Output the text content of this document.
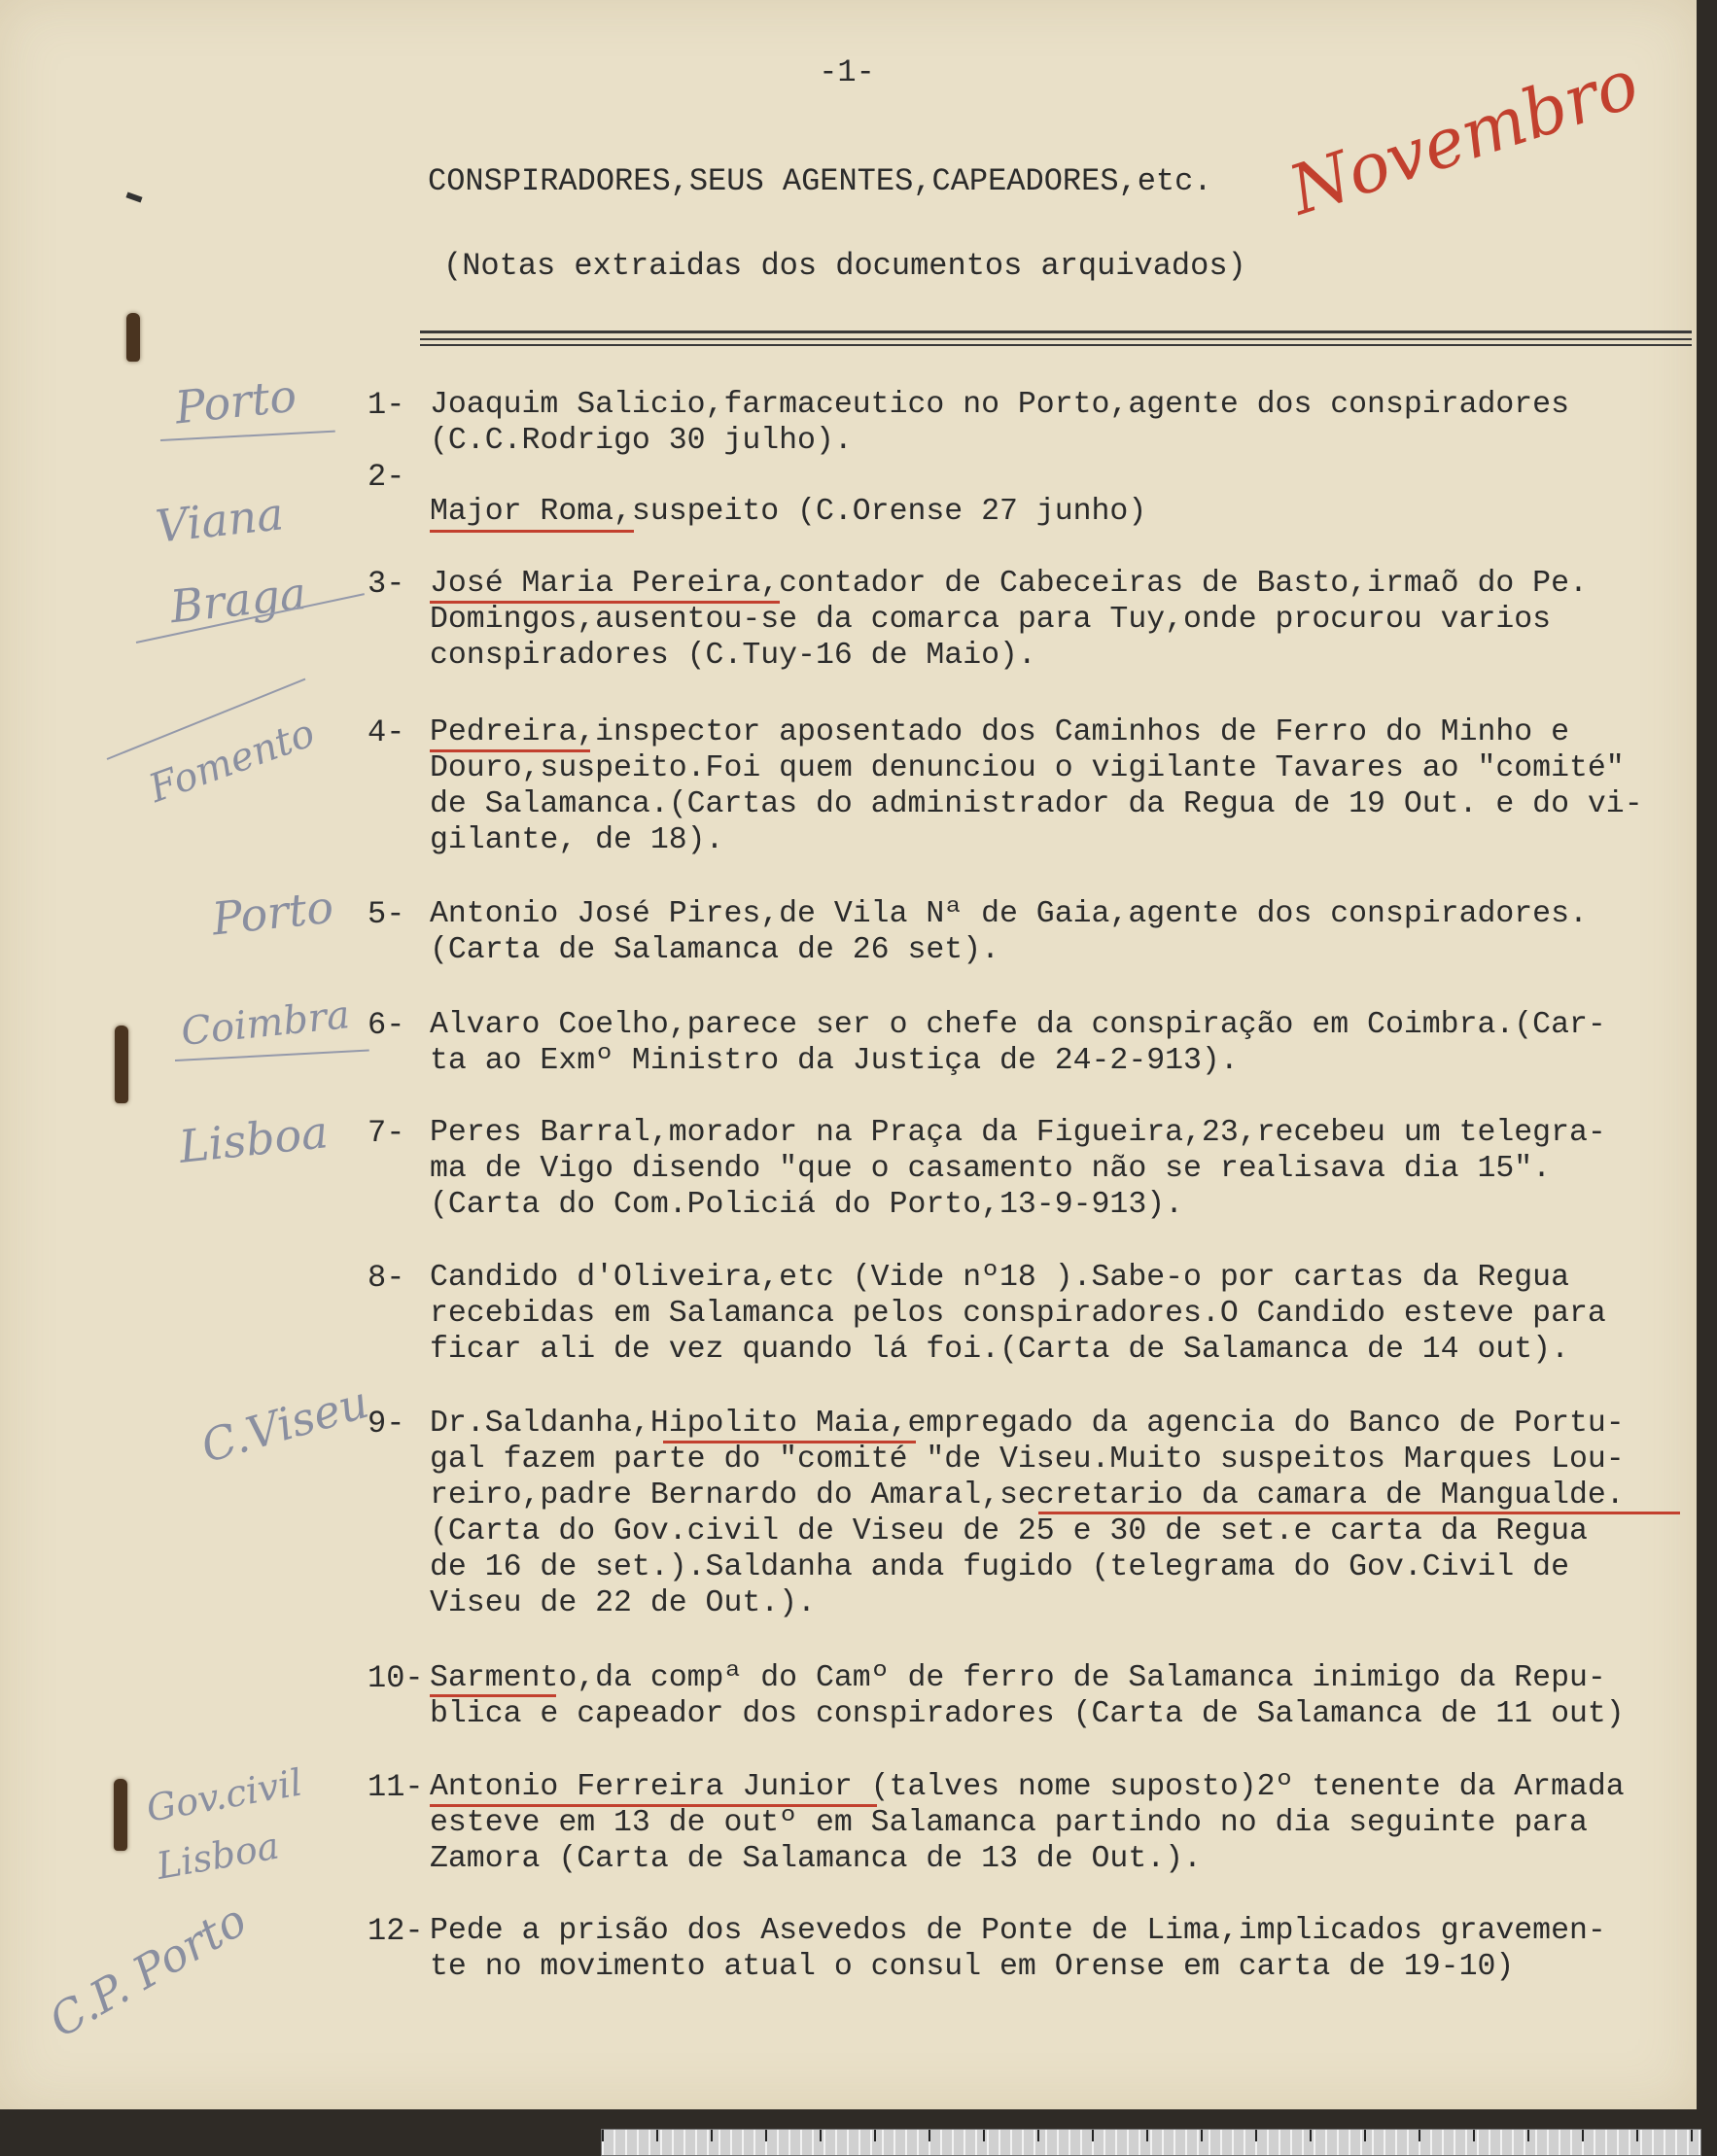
-1-	Novembro
CONSPIRADORES,SEUS AGENTES,CAPEADORES,etc.
(Notas extraidas dos documentos arquivados)
1- Joaquim Salicio,farmaceutico no Porto,agente dos conspiradores
(C.C.Rodrigo 30 julho).
Porto
2-
Major Roma,suspeito (C.Orense 27 junho)
Viana
3- José Maria Pereira,contador de Cabeceiras de Basto,irmaõ do Pe.
Domingos,ausentou-se da comarca para Tuy,onde procurou varios
conspiradores (C.Tuy-16 de Maio).
Braga
4- Pedreira,inspector aposentado dos Caminhos de Ferro do Minho e
Douro,suspeito.Foi quem denunciou o vigilante Tavares ao "comité"
de Salamanca.(Cartas do administrador da Regua de 19 Out. e do vi-
gilante, de 18).
Fomento
5- Antonio José Pires,de Vila Nª de Gaia,agente dos conspiradores.
(Carta de Salamanca de 26 set).
Porto
6- Alvaro Coelho,parece ser o chefe da conspiração em Coimbra.(Car-
ta ao Exmº Ministro da Justiça de 24-2-913).
Coimbra
7- Peres Barral,morador na Praça da Figueira,23,recebeu um telegra-
ma de Vigo disendo "que o casamento não se realisava dia 15".
(Carta do Com.Policiá do Porto,13-9-913).
Lisboa
8- Candido d'Oliveira,etc (Vide nº18 ).Sabe-o por cartas da Regua
recebidas em Salamanca pelos conspiradores.O Candido esteve para
ficar ali de vez quando lá foi.(Carta de Salamanca de 14 out).
9- Dr.Saldanha,Hipolito Maia,empregado da agencia do Banco de Portu-
gal fazem parte do "comité "de Viseu.Muito suspeitos Marques Lou-
reiro,padre Bernardo do Amaral,secretario da camara de Mangualde.
(Carta do Gov.civil de Viseu de 25 e 30 de set.e carta da Regua
de 16 de set.).Saldanha anda fugido (telegrama do Gov.Civil de
Viseu de 22 de Out.).
C.Viseu
10- Sarmento,da compª do Camº de ferro de Salamanca inimigo da Repu-
blica e capeador dos conspiradores (Carta de Salamanca de 11 out)
11- Antonio Ferreira Junior (talves nome suposto)2º tenente da Armada
esteve em 13 de outº em Salamanca partindo no dia seguinte para
Zamora (Carta de Salamanca de 13 de Out.).
Gov.civil Lisboa
12- Pede a prisão dos Asevedos de Ponte de Lima,implicados gravemen-
te no movimento atual o consul em Orense em carta de 19-10)
C.P. Porto
